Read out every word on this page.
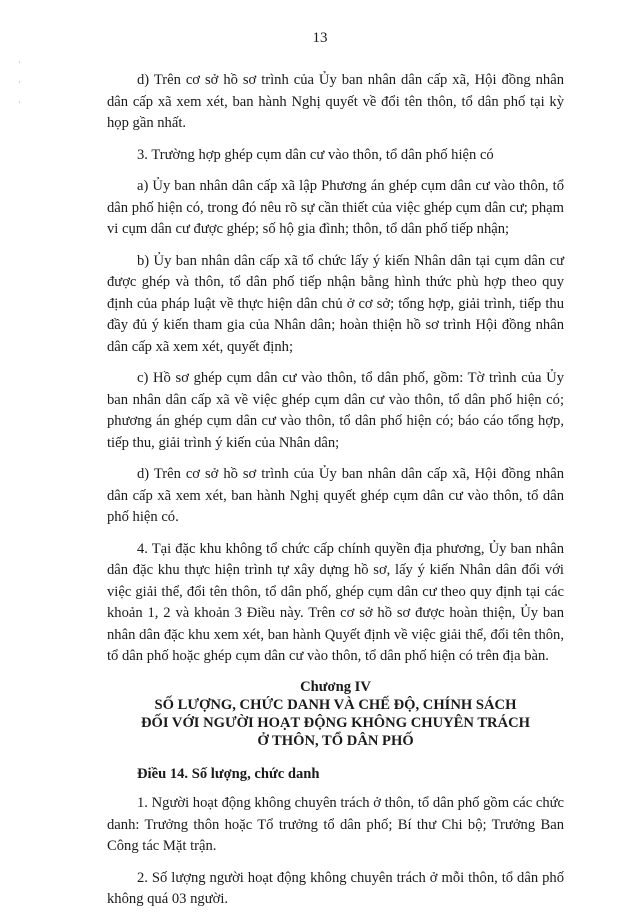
13
·

·

·

d) Trên cơ sở hồ sơ trình của Ủy ban nhân dân cấp xã, Hội đồng nhân dân cấp xã xem xét, ban hành Nghị quyết về đổi tên thôn, tổ dân phố tại kỳ họp gần nhất.

3. Trường hợp ghép cụm dân cư vào thôn, tổ dân phố hiện có

a) Ủy ban nhân dân cấp xã lập Phương án ghép cụm dân cư vào thôn, tổ dân phố hiện có, trong đó nêu rõ sự cần thiết của việc ghép cụm dân cư; phạm vi cụm dân cư được ghép; số hộ gia đình; thôn, tổ dân phố tiếp nhận;

b) Ủy ban nhân dân cấp xã tổ chức lấy ý kiến Nhân dân tại cụm dân cư được ghép và thôn, tổ dân phố tiếp nhận bằng hình thức phù hợp theo quy định của pháp luật về thực hiện dân chủ ở cơ sở; tổng hợp, giải trình, tiếp thu đầy đủ ý kiến tham gia của Nhân dân; hoàn thiện hồ sơ trình Hội đồng nhân dân cấp xã xem xét, quyết định;

c) Hồ sơ ghép cụm dân cư vào thôn, tổ dân phố, gồm: Tờ trình của Ủy ban nhân dân cấp xã về việc ghép cụm dân cư vào thôn, tổ dân phố hiện có; phương án ghép cụm dân cư vào thôn, tổ dân phố hiện có; báo cáo tổng hợp, tiếp thu, giải trình ý kiến của Nhân dân;

d) Trên cơ sở hồ sơ trình của Ủy ban nhân dân cấp xã, Hội đồng nhân dân cấp xã xem xét, ban hành Nghị quyết ghép cụm dân cư vào thôn, tổ dân phố hiện có.

4. Tại đặc khu không tổ chức cấp chính quyền địa phương, Ủy ban nhân dân đặc khu thực hiện trình tự xây dựng hồ sơ, lấy ý kiến Nhân dân đối với việc giải thể, đổi tên thôn, tổ dân phố, ghép cụm dân cư theo quy định tại các khoản 1, 2 và khoản 3 Điều này. Trên cơ sở hồ sơ được hoàn thiện, Ủy ban nhân dân đặc khu xem xét, ban hành Quyết định về việc giải thể, đổi tên thôn, tổ dân phố hoặc ghép cụm dân cư vào thôn, tổ dân phố hiện có trên địa bàn.

Chương IV
SỐ LƯỢNG, CHỨC DANH VÀ CHẾ ĐỘ, CHÍNH SÁCH
ĐỐI VỚI NGƯỜI HOẠT ĐỘNG KHÔNG CHUYÊN TRÁCH
Ở THÔN, TỔ DÂN PHỐ
Điều 14. Số lượng, chức danh

1. Người hoạt động không chuyên trách ở thôn, tổ dân phố gồm các chức danh: Trưởng thôn hoặc Tổ trưởng tổ dân phố; Bí thư Chi bộ; Trưởng Ban Công tác Mặt trận.

2. Số lượng người hoạt động không chuyên trách ở mỗi thôn, tổ dân phố không quá 03 người.
